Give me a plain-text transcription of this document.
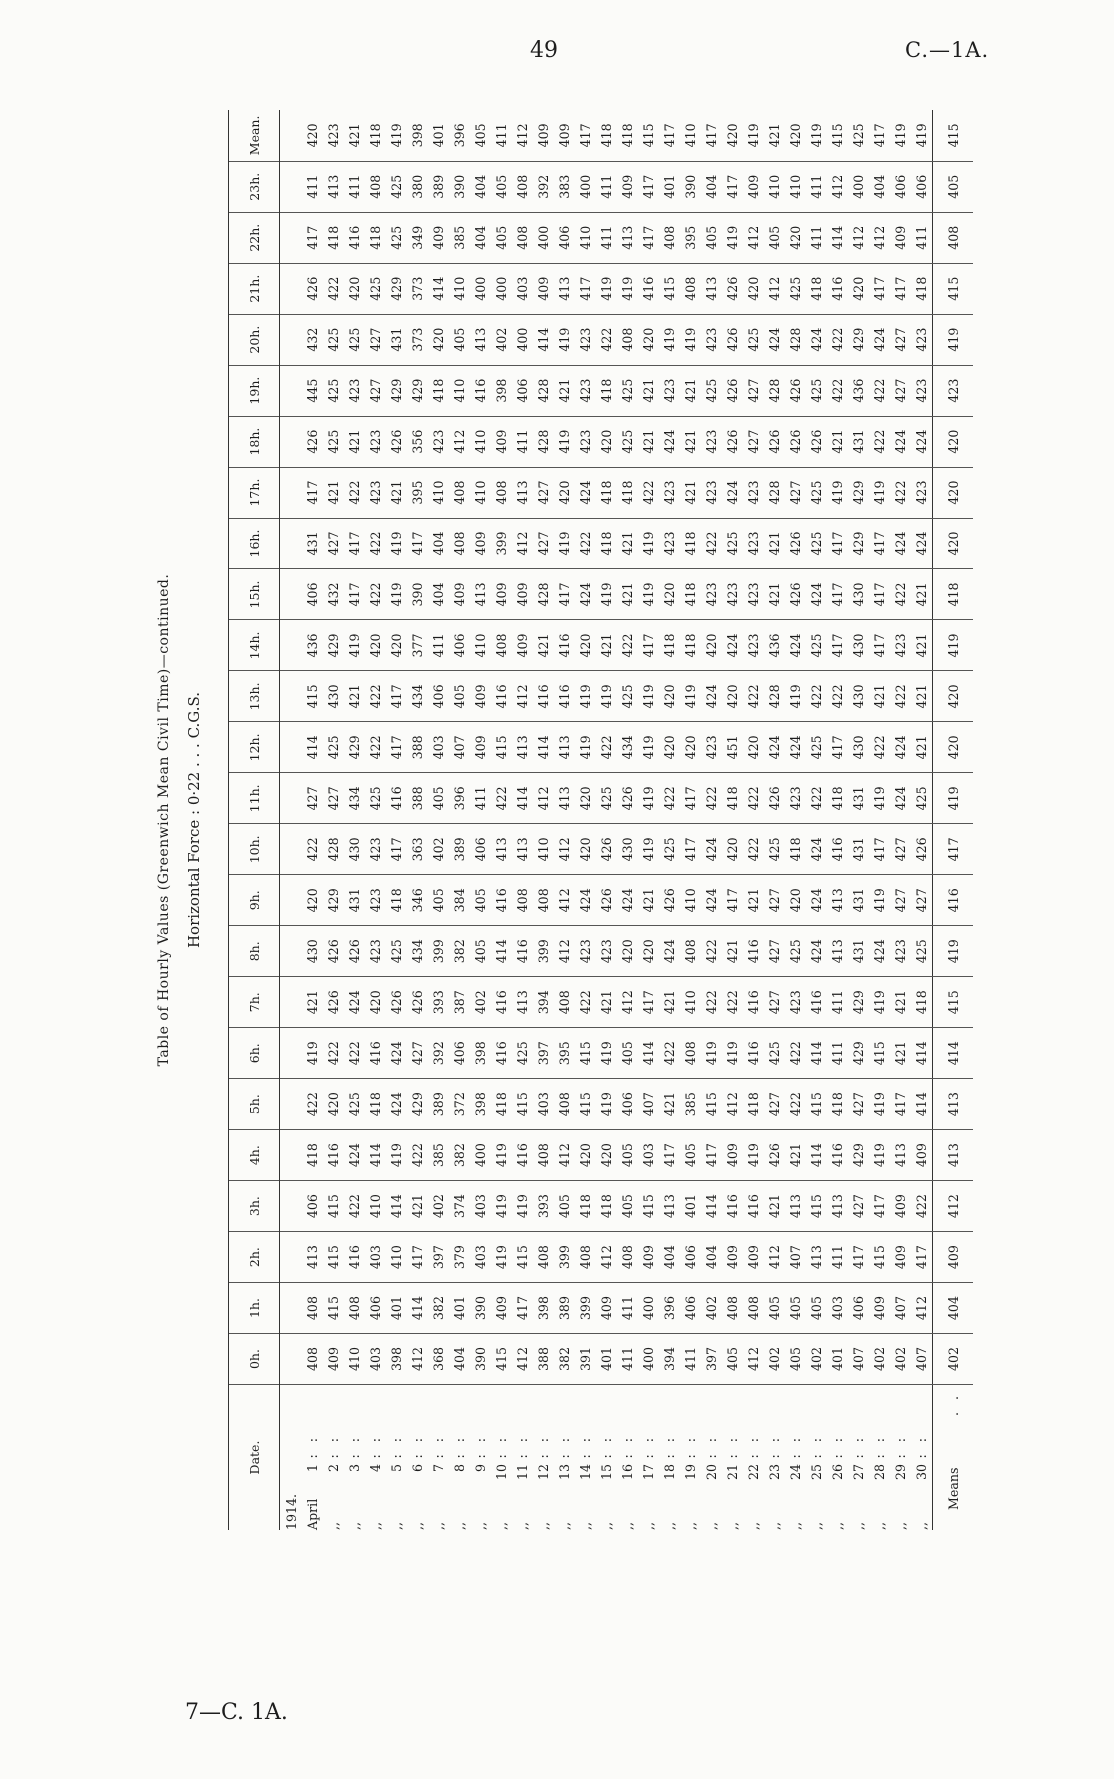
49	C.—1A.
Table of Hourly Values (Greenwich Mean Civil Time)—continued. Horizontal Force : 0·22 . . . C.G.S.
Date.	0h.	1h.	2h.	3h.	4h.	5h.	6h.	7h.	8h.	9h.	10h.	11h.	12h.	13h.	14h.	15h.	16h.	17h.	18h.	19h.	20h.	21h.	22h.	23h.	Mean.
1914.																									
April1: :	408	408	413	406	418	422	419	421	430	420	422	427	414	415	436	406	431	417	426	445	432	426	417	411	420
,,2: :	409	415	415	415	416	420	422	426	426	429	428	427	425	430	429	432	427	421	425	425	425	422	418	413	423
,,3: :	410	408	416	422	424	425	422	424	426	431	430	434	429	421	419	417	417	422	421	423	425	420	416	411	421
,,4: :	403	406	403	410	414	418	416	420	423	423	423	425	422	422	420	422	422	423	423	427	427	425	418	408	418
,,5: :	398	401	410	414	419	424	424	426	425	418	417	416	417	417	420	419	419	421	426	429	431	429	425	425	419
,,6: :	412	414	417	421	422	429	427	426	434	346	363	388	388	434	377	390	417	395	356	429	373	373	349	380	398
,,7: :	368	382	397	402	385	389	392	393	399	405	402	405	403	406	411	404	404	410	423	418	420	414	409	389	401
,,8: :	404	401	379	374	382	372	406	387	382	384	389	396	407	405	406	409	408	408	412	410	405	410	385	390	396
,,9: :	390	390	403	403	400	398	398	402	405	405	406	411	409	409	410	413	409	410	410	416	413	400	404	404	405
,,10: :	415	409	419	419	419	418	416	416	414	416	413	422	415	416	408	409	399	408	409	398	402	400	405	405	411
,,11: :	412	417	415	419	416	415	425	413	416	408	413	414	413	412	409	409	412	413	411	406	400	403	408	408	412
,,12: :	388	398	408	393	408	403	397	394	399	408	410	412	414	416	421	428	427	427	428	428	414	409	400	392	409
,,13: :	382	389	399	405	412	408	395	408	412	412	412	413	413	416	416	417	419	420	419	421	419	413	406	383	409
,,14: :	391	399	408	418	420	415	415	422	423	424	420	420	419	419	420	424	422	424	423	423	423	417	410	400	417
,,15: :	401	409	412	418	420	419	419	421	423	426	426	425	422	419	421	419	418	418	420	418	422	419	411	411	418
,,16: :	411	411	408	405	405	406	405	412	420	424	430	426	434	425	422	421	421	418	425	425	408	419	413	409	418
,,17: :	400	400	409	415	403	407	414	417	420	421	419	419	419	419	417	419	419	422	421	421	420	416	417	417	415
,,18: :	394	396	404	413	417	421	422	421	424	426	425	422	420	420	418	420	423	423	424	423	419	415	408	401	417
,,19: :	411	406	406	401	405	385	408	410	408	410	417	417	420	419	418	418	418	421	421	421	419	408	395	390	410
,,20: :	397	402	404	414	417	415	419	422	422	424	424	422	423	424	420	423	422	423	423	425	423	413	405	404	417
,,21: :	405	408	409	416	409	412	419	422	421	417	420	418	451	420	424	423	425	424	426	426	426	426	419	417	420
,,22: :	412	408	409	416	419	418	416	416	416	421	422	422	420	422	423	423	423	423	427	427	425	420	412	409	419
,,23: :	402	405	412	421	426	427	425	427	427	427	425	426	424	428	436	421	421	428	426	428	424	412	405	410	421
,,24: :	405	405	407	413	421	422	422	423	425	420	418	423	424	419	424	426	426	427	426	426	428	425	420	410	420
,,25: :	402	405	413	415	414	415	414	416	424	424	424	422	425	422	425	424	425	425	426	425	424	418	411	411	419
,,26: :	401	403	411	413	416	418	411	411	413	413	416	418	417	422	417	417	417	419	421	422	422	416	414	412	415
,,27: :	407	406	417	427	429	427	429	429	431	431	431	431	430	430	430	430	429	429	431	436	429	420	412	400	425
,,28: :	402	409	415	417	419	419	415	419	424	419	417	419	422	421	417	417	417	419	422	422	424	417	412	404	417
,,29: :	402	407	409	409	413	417	421	421	423	427	427	424	424	422	423	422	424	422	424	427	427	417	409	406	419
,,30: :	407	412	417	422	409	414	414	418	425	427	426	425	421	421	421	421	424	423	424	423	423	418	411	406	419
Means. .	402	404	409	412	413	413	414	415	419	416	417	419	420	420	419	418	420	420	420	423	419	415	408	405	415
7—C. 1A.
